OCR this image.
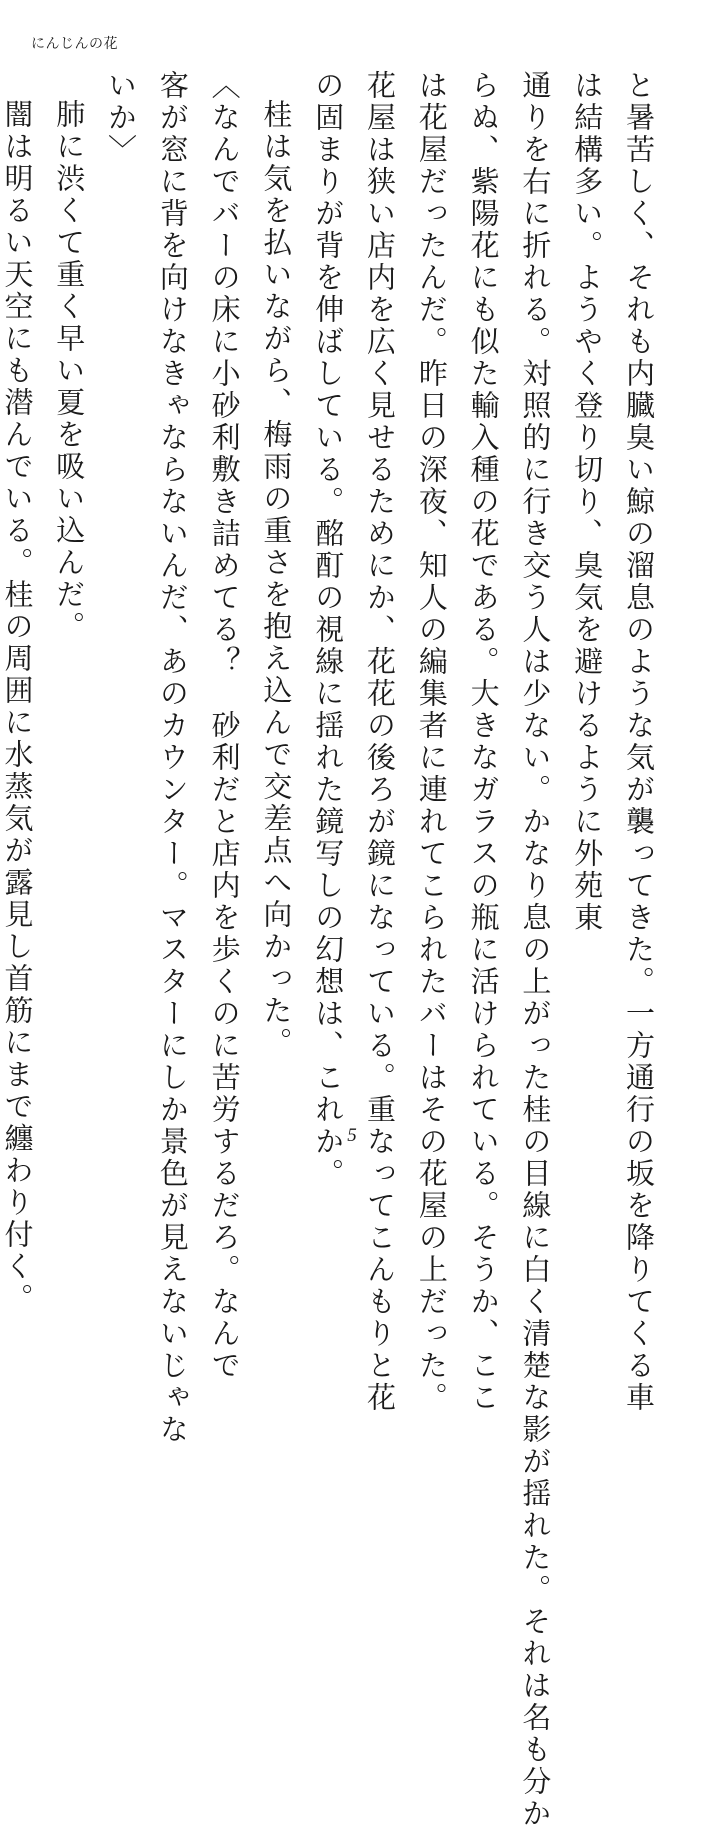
にんじんの花

と暑苦しく、それも内臓臭い鯨の溜息のような気が襲ってきた。一方通行の坂を降りてくる車

は結構多い。ようやく登り切り、臭気を避けるように外苑東

通りを右に折れる。対照的に行き交う人は少ない。かなり息の上がった桂の目線に白く清楚な影が揺れた。それは名も分か

らぬ、紫陽花にも似た輸入種の花である。大きなガラスの瓶に活けられている。そうか、ここ

は花屋だったんだ。昨日の深夜、知人の編集者に連れてこられたバーはその花屋の上だった。

花屋は狭い店内を広く見せるためにか、花花の後ろが鏡になっている。重なってこんもりと花

の固まりが背を伸ばしている。酩酊の視線に揺れた鏡写しの幻想は、これか。

桂は気を払いながら、梅雨の重さを抱え込んで交差点へ向かった。

〈なんでバーの床に小砂利敷き詰めてる？　砂利だと店内を歩くのに苦労するだろ。なんで

客が窓に背を向けなきゃならないんだ、あのカウンター。マスターにしか景色が見えないじゃな

いか〉

肺に渋くて重く早い夏を吸い込んだ。

闇は明るい天空にも潜んでいる。桂の周囲に水蒸気が露見し首筋にまで纏わり付く。	5
